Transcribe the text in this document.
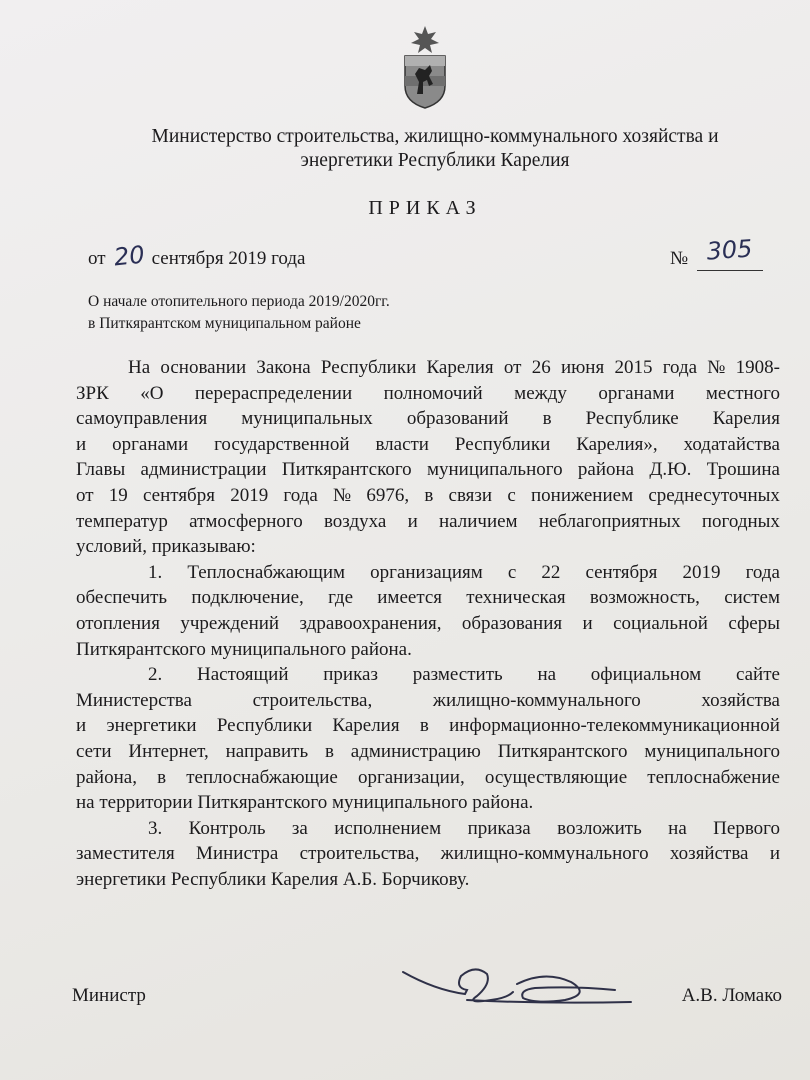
Министерство строительства, жилищно-коммунального хозяйства и
энергетики Республики Карелия
ПРИКАЗ
от 20 сентября 2019 года	№ 305
О начале отопительного периода 2019/2020гг.
в Питкярантском муниципальном районе
На основании Закона Республики Карелия от 26 июня 2015 года № 1908-
ЗРК «О перераспределении полномочий между органами местного
самоуправления муниципальных образований в Республике Карелия
и органами государственной власти Республики Карелия», ходатайства
Главы администрации Питкярантского муниципального района Д.Ю. Трошина
от 19 сентября 2019 года № 6976, в связи с понижением среднесуточных
температур атмосферного воздуха и наличием неблагоприятных погодных
условий, приказываю:
1. Теплоснабжающим организациям с 22 сентября 2019 года
обеспечить подключение, где имеется техническая возможность, систем
отопления учреждений здравоохранения, образования и социальной сферы
Питкярантского муниципального района.
2. Настоящий приказ разместить на официальном сайте
Министерства	строительства,	жилищно-коммунального	хозяйства
и энергетики Республики Карелия в информационно-телекоммуникационной
сети Интернет, направить в администрацию Питкярантского муниципального
района, в теплоснабжающие организации, осуществляющие теплоснабжение
на территории Питкярантского муниципального района.
3. Контроль за исполнением приказа возложить на Первого
заместителя Министра строительства, жилищно-коммунального хозяйства и
энергетики Республики Карелия А.Б. Борчикову.
Министр	А.В. Ломако
